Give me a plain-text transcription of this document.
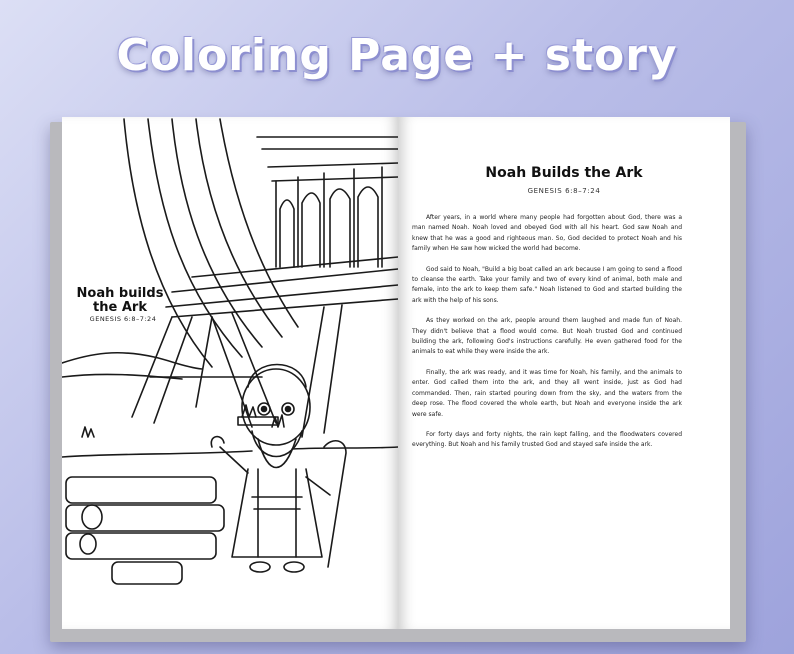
Coloring Page + story
Noah builds the Ark
GENESIS 6:8–7:24
Noah Builds the Ark
GENESIS 6:8–7:24

After years, in a world where many people had forgotten about God, there was a man named Noah. Noah loved and obeyed God with all his heart. God saw Noah and knew that he was a good and righteous man. So, God decided to protect Noah and his family when He saw how wicked the world had become.

God said to Noah, "Build a big boat called an ark because I am going to send a flood to cleanse the earth. Take your family and two of every kind of animal, both male and female, into the ark to keep them safe." Noah listened to God and started building the ark with the help of his sons.

As they worked on the ark, people around them laughed and made fun of Noah. They didn't believe that a flood would come. But Noah trusted God and continued building the ark, following God's instructions carefully. He even gathered food for the animals to eat while they were inside the ark.

Finally, the ark was ready, and it was time for Noah, his family, and the animals to enter. God called them into the ark, and they all went inside, just as God had commanded. Then, rain started pouring down from the sky, and the waters from the deep rose. The flood covered the whole earth, but Noah and everyone inside the ark were safe.

For forty days and forty nights, the rain kept falling, and the floodwaters covered everything. But Noah and his family trusted God and stayed safe inside the ark.
